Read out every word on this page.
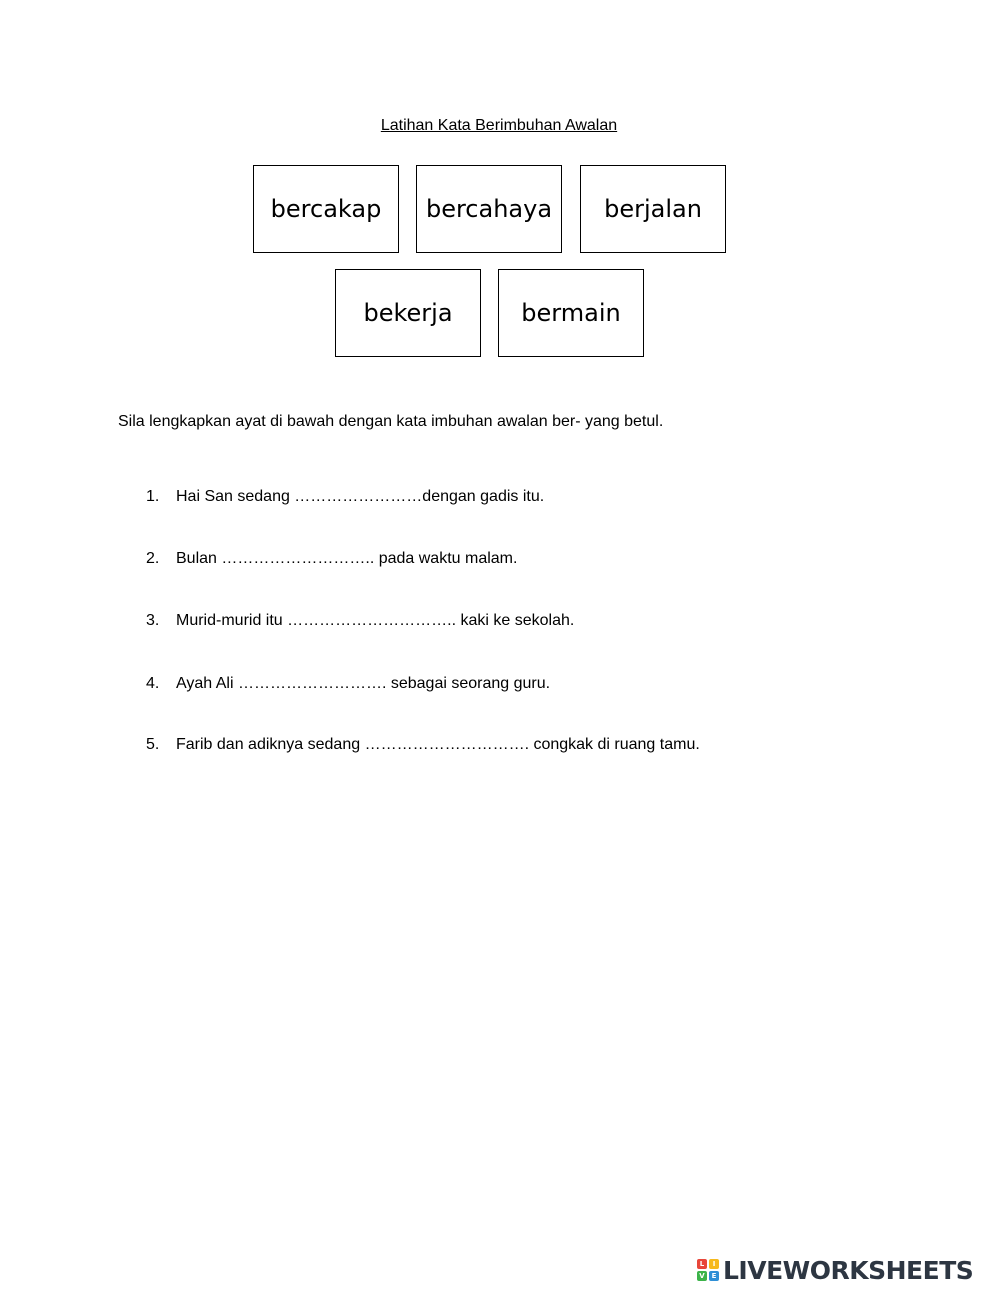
Latihan Kata Berimbuhan Awalan
bercakap	bercahaya	berjalan
bekerja	bermain
Sila lengkapkan ayat di bawah dengan kata imbuhan awalan ber- yang betul.
1. Hai San sedang ……………………dengan gadis itu.
2. Bulan ……………………….. pada waktu malam.
3. Murid-murid itu ………………………….. kaki ke sekolah.
4. Ayah Ali ………………………. sebagai seorang guru.
5. Farib dan adiknya sedang …………………………. congkak di ruang tamu.
L	I
V E LIVEWORKSHEETS
